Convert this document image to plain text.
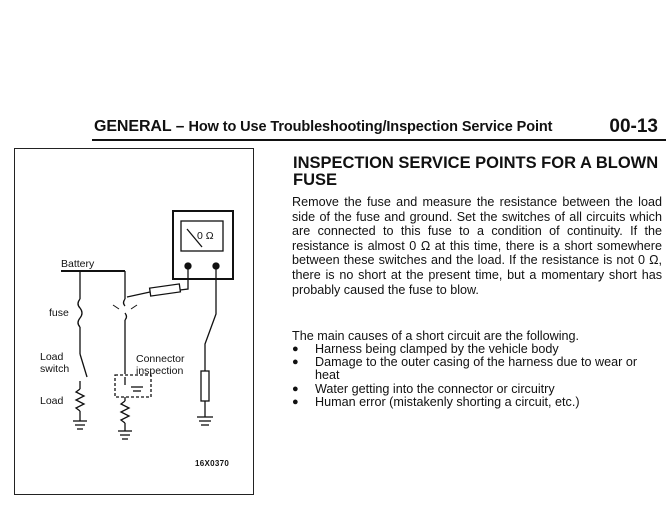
GENERAL – How to Use Troubleshooting/Inspection Service Point	00-13
0 Ω
Battery
fuse
Load
switch
Connector
inspection
Load
16X0370
INSPECTION SERVICE POINTS FOR A BLOWN FUSE

Remove the fuse and measure the resistance between the load side of the fuse and ground. Set the switches of all circuits which are connected to this fuse to a condition of continuity. If the resistance is almost 0 Ω at this time, there is a short somewhere between these switches and the load. If the resistance is not 0 Ω, there is no short at the present time, but a momentary short has probably caused the fuse to blow.

The main causes of a short circuit are the following.

● Harness being clamped by the vehicle body
● Damage to the outer casing of the harness due to wear or heat
● Water getting into the connector or circuitry
● Human error (mistakenly shorting a circuit, etc.)
